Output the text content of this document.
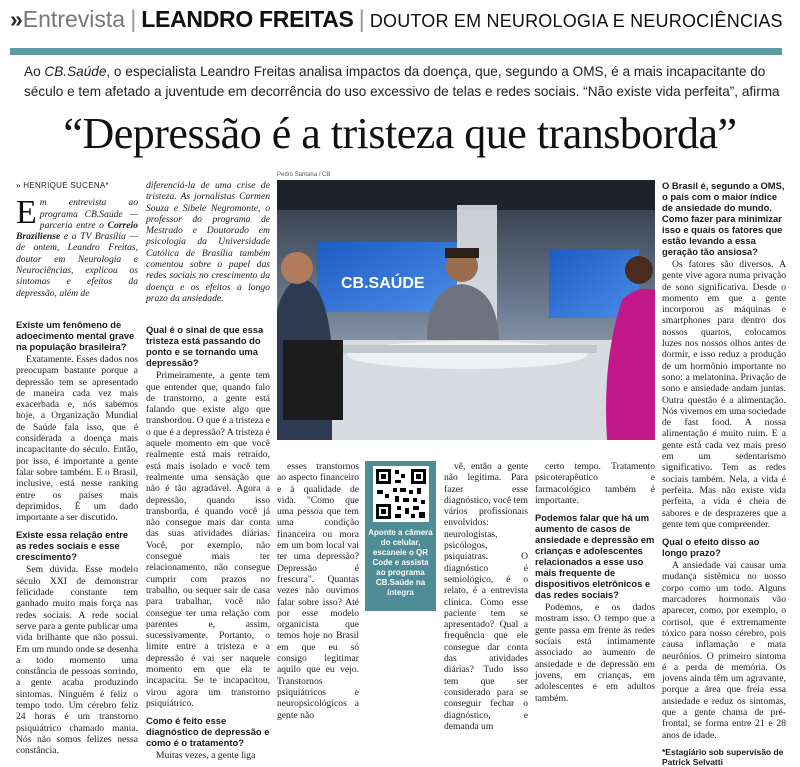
» Entrevista | LEANDRO FREITAS | DOUTOR EM NEUROLOGIA E NEUROCIÊNCIAS
Ao CB.Saúde, o especialista Leandro Freitas analisa impactos da doença, que, segundo a OMS, é a mais incapacitante do século e tem afetado a juventude em decorrência do uso excessivo de telas e redes sociais. “Não existe vida perfeita”, afirma
“Depressão é a tristeza que transborda”

» HENRIQUE SUCENA*

Em entrevista ao programa CB.Saúde — parceria entre o Correio Braziliense e a TV Brasília — de ontem, Leandro Freitas, doutor em Neurologia e Neurociências, explicou os sintomas e efeitos da depressão, além de

Existe um fenômeno de adoecimento mental grave na população brasileira?

Exatamente. Esses dados nos preocupam bastante porque a depressão tem se apresentado de maneira cada vez mais exacerbada e, nós sabemos hoje, a Organização Mundial de Saúde fala isso, que é considerada a doença mais incapacitante do século. Então, por isso, é importante a gente falar sobre também. E o Brasil, inclusive, está nesse ranking entre os países mais deprimidos. É um dado importante a ser discutido.

Existe essa relação entre as redes sociais e esse crescimento?

Sem dúvida. Esse modelo século XXI de demonstrar felicidade constante tem ganhado muito mais força nas redes sociais. A rede social serve para a gente publicar uma vida brilhante que não possui. Em um mundo onde se desenha a todo momento uma constância de pessoas sorrindo, a gente acaba produzindo sintomas. Ninguém é feliz o tempo todo. Um cérebro feliz 24 horas é um transtorno psiquiátrico chamado mania. Nós não somos felizes nessa constância.

diferenciá-la de uma crise de tristeza. As jornalistas Carmen Souza e Sibele Negromonte, o professor do programa de Mestrado e Doutorado em psicologia da Universidade Católica de Brasília também comentou sobre o papel das redes sociais no crescimento da doença e os efeitos a longo prazo da ansiedade.

Qual é o sinal de que essa tristeza está passando do ponto e se tornando uma depressão?

Primeiramente, a gente tem que entender que, quando falo de transtorno, a gente está falando que existe algo que transbordou. O que é a tristeza e o que é a depressão? A tristeza é aquele momento em que você realmente está mais retraído, está mais isolado e você tem realmente uma sensação que não é tão agradável. Agora a depressão, quando isso transborda, é quando você já não consegue mais dar conta das suas atividades diárias. Você, por exemplo, não consegue mais ter relacionamento, não consegue cumprir com prazos no trabalho, ou sequer sair de casa para trabalhar, você não consegue ter uma relação com parentes e, assim, sucessivamente. Portanto, o limite entre a tristeza e a depressão é vai ser naquele momento em que ela te incapacita. Se te incapacitou, virou agora um transtorno psiquiátrico.

Como é feito esse diagnóstico de depressão e como é o tratamento?

Muitas vezes, a gente liga

Pedro Santana / CB
CB.SAÚDE

esses transtornos ao aspecto financeiro e à qualidade de vida. "Como que uma pessoa que tem uma condição financeira ou mora em um bom local vai ter uma depressão? Depressão é frescura". Quantas vezes não ouvimos falar sobre isso? Até por esse modelo organicista que temos hoje no Brasil em que eu só consigo legitimar aquilo que eu vejo. Transtornos psiquiátricos e neuropsicológicos a gente não

Aponte a câmera do celular, escaneie o QR Code e assista ao programa CB.Saúde na íntegra

vê, então a gente não legitima. Para fazer esse diagnóstico, você tem vários profissionais envolvidos: neurologistas, psicólogos, psiquiatras. O diagnóstico é semiológico, é o relato, é a entrevista clínica. Como esse paciente tem se apresentado? Qual a frequência que ele consegue dar conta das atividades diárias? Tudo isso tem que ser considerado para se conseguir fechar o diagnóstico, e demanda um

certo tempo. Tratamento psicoterapêutico e farmacológico também é importante.

Podemos falar que há um aumento de casos de ansiedade e depressão em crianças e adolescentes relacionados a esse uso mais frequente de dispositivos eletrônicos e das redes sociais?

Podemos, e os dados mostram isso. O tempo que a gente passa em frente às redes sociais está intimamente associado ao aumento de ansiedade e de depressão em jovens, em crianças, em adolescentes e em adultos também.

O Brasil é, segundo a OMS, o país com o maior índice de ansiedade do mundo. Como fazer para minimizar isso e quais os fatores que estão levando a essa geração tão ansiosa?

Os fatores são diversos. A gente vive agora numa privação de sono significativa. Desde o momento em que a gente incorporou as máquinas e smartphones para dentro dos nossos quartos, colocamos luzes nos nossos olhos antes de dormir, e isso reduz a produção de um hormônio importante no sono: a melatonina. Privação de sono e ansiedade andam juntas. Outra questão é a alimentação. Nós vivemos em uma sociedade de fast food. A nossa alimentação é muito ruim. E a gente está cada vez mais preso em um sedentarismo significativo. Tem as redes sociais também. Nela, a vida é perfeita. Mas não existe vida perfeita, a vida é cheia de sabores e de desprazeres que a gente tem que compreender.

Qual o efeito disso ao longo prazo?

A ansiedade vai causar uma mudança sistêmica no nosso corpo como um todo. Alguns marcadores hormonais vão aparecer, como, por exemplo, o cortisol, que é extremamente tóxico para nosso cérebro, pois causa inflamação e mata neurônios. O primeiro sintoma é a perda de memória. Os jovens ainda têm um agravante, porque a área que freia essa ansiedade e reduz os sintomas, que a gente chama de pré-frontal, se forma entre 21 e 28 anos de idade.

*Estagiário sob supervisão de Patrick Selvatti
